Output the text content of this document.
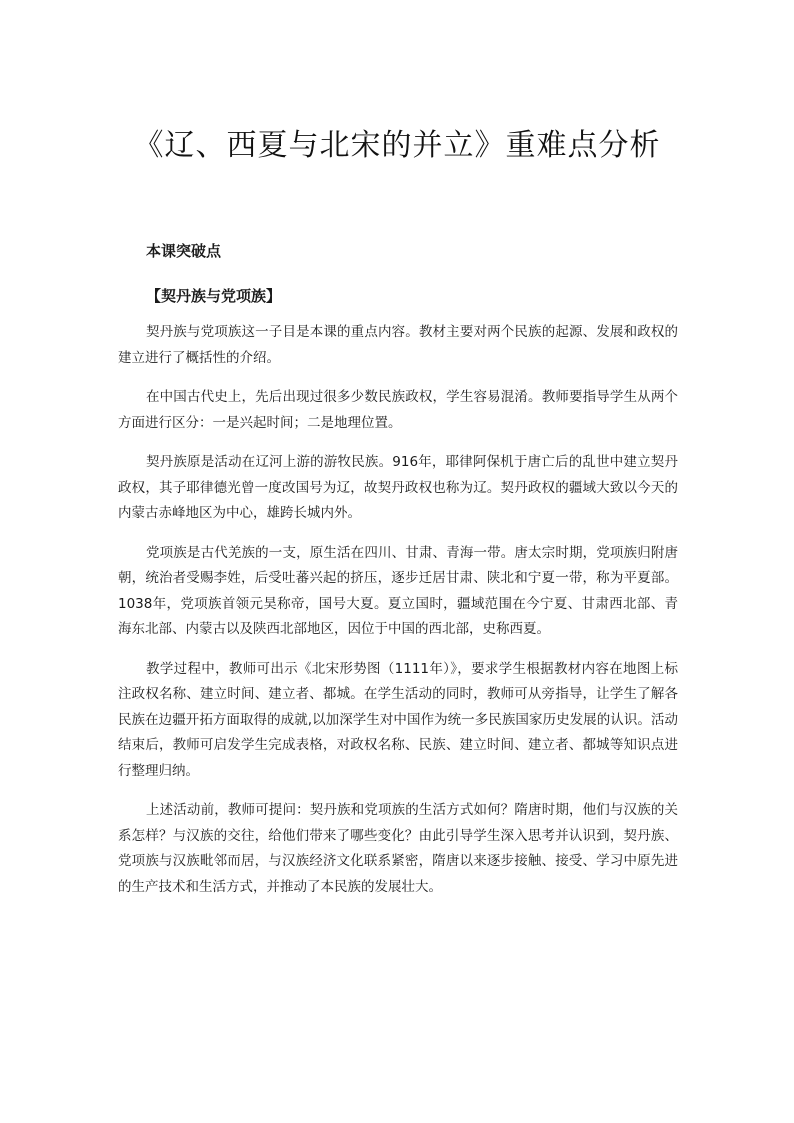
《辽、西夏与北宋的并立》重难点分析
本课突破点
【契丹族与党项族】

契丹族与党项族这一子目是本课的重点内容。教材主要对两个民族的起源、发展和政权的建立进行了概括性的介绍。

在中国古代史上，先后出现过很多少数民族政权，学生容易混淆。教师要指导学生从两个方面进行区分：一是兴起时间；二是地理位置。

契丹族原是活动在辽河上游的游牧民族。916年，耶律阿保机于唐亡后的乱世中建立契丹政权，其子耶律德光曾一度改国号为辽，故契丹政权也称为辽。契丹政权的疆域大致以今天的内蒙古赤峰地区为中心，雄跨长城内外。

党项族是古代羌族的一支，原生活在四川、甘肃、青海一带。唐太宗时期，党项族归附唐朝，统治者受赐李姓，后受吐蕃兴起的挤压，逐步迁居甘肃、陕北和宁夏一带，称为平夏部。1038年，党项族首领元昊称帝，国号大夏。夏立国时，疆域范围在今宁夏、甘肃西北部、青海东北部、内蒙古以及陕西北部地区，因位于中国的西北部，史称西夏。

教学过程中，教师可出示《北宋形势图（1111年）》，要求学生根据教材内容在地图上标注政权名称、建立时间、建立者、都城。在学生活动的同时，教师可从旁指导，让学生了解各民族在边疆开拓方面取得的成就,以加深学生对中国作为统一多民族国家历史发展的认识。活动结束后，教师可启发学生完成表格，对政权名称、民族、建立时间、建立者、都城等知识点进行整理归纳。

上述活动前，教师可提问：契丹族和党项族的生活方式如何？隋唐时期，他们与汉族的关系怎样？与汉族的交往，给他们带来了哪些变化？由此引导学生深入思考并认识到，契丹族、党项族与汉族毗邻而居，与汉族经济文化联系紧密，隋唐以来逐步接触、接受、学习中原先进的生产技术和生活方式，并推动了本民族的发展壮大。
